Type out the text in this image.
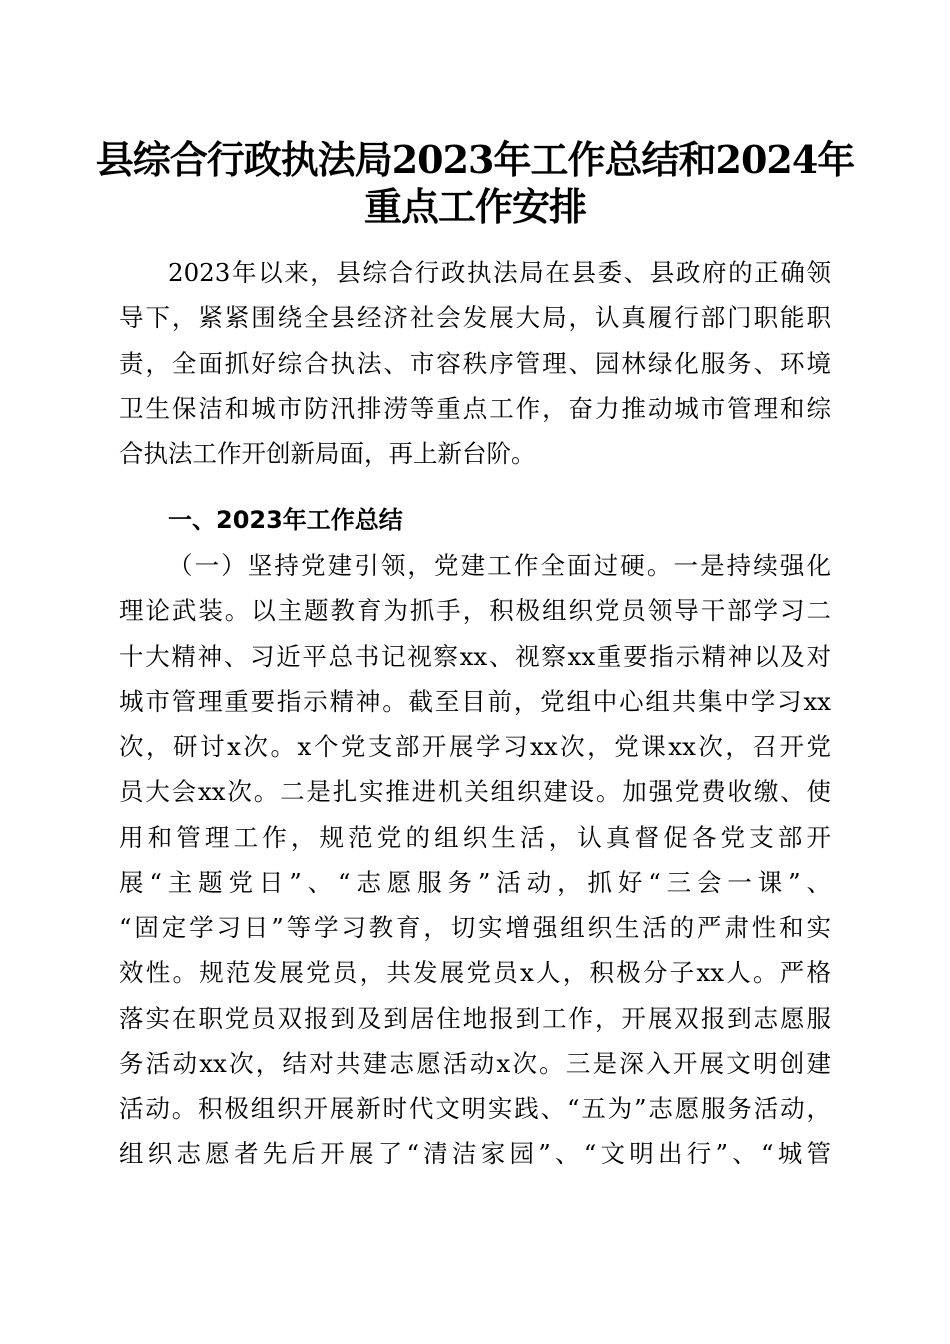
县综合行政执法局2023年工作总结和2024年
重点工作安排
2023年以来，县综合行政执法局在县委、县政府的正确领
导下，紧紧围绕全县经济社会发展大局，认真履行部门职能职
责，全面抓好综合执法、市容秩序管理、园林绿化服务、环境
卫生保洁和城市防汛排涝等重点工作，奋力推动城市管理和综
合执法工作开创新局面，再上新台阶。
一、2023年工作总结
（一）坚持党建引领，党建工作全面过硬。一是持续强化
理论武装。以主题教育为抓手，积极组织党员领导干部学习二
十大精神、习近平总书记视察xx、视察xx重要指示精神以及对
城市管理重要指示精神。截至目前，党组中心组共集中学习xx
次，研讨x次。x个党支部开展学习xx次，党课xx次，召开党
员大会xx次。二是扎实推进机关组织建设。加强党费收缴、使
用和管理工作，规范党的组织生活，认真督促各党支部开
展“主题党日”、“志愿服务”活动，抓好“三会一课”、
“固定学习日”等学习教育，切实增强组织生活的严肃性和实
效性。规范发展党员，共发展党员x人，积极分子xx人。严格
落实在职党员双报到及到居住地报到工作，开展双报到志愿服
务活动xx次，结对共建志愿活动x次。三是深入开展文明创建
活动。积极组织开展新时代文明实践、“五为”志愿服务活动，
组织志愿者先后开展了“清洁家园”、“文明出行”、“城管
